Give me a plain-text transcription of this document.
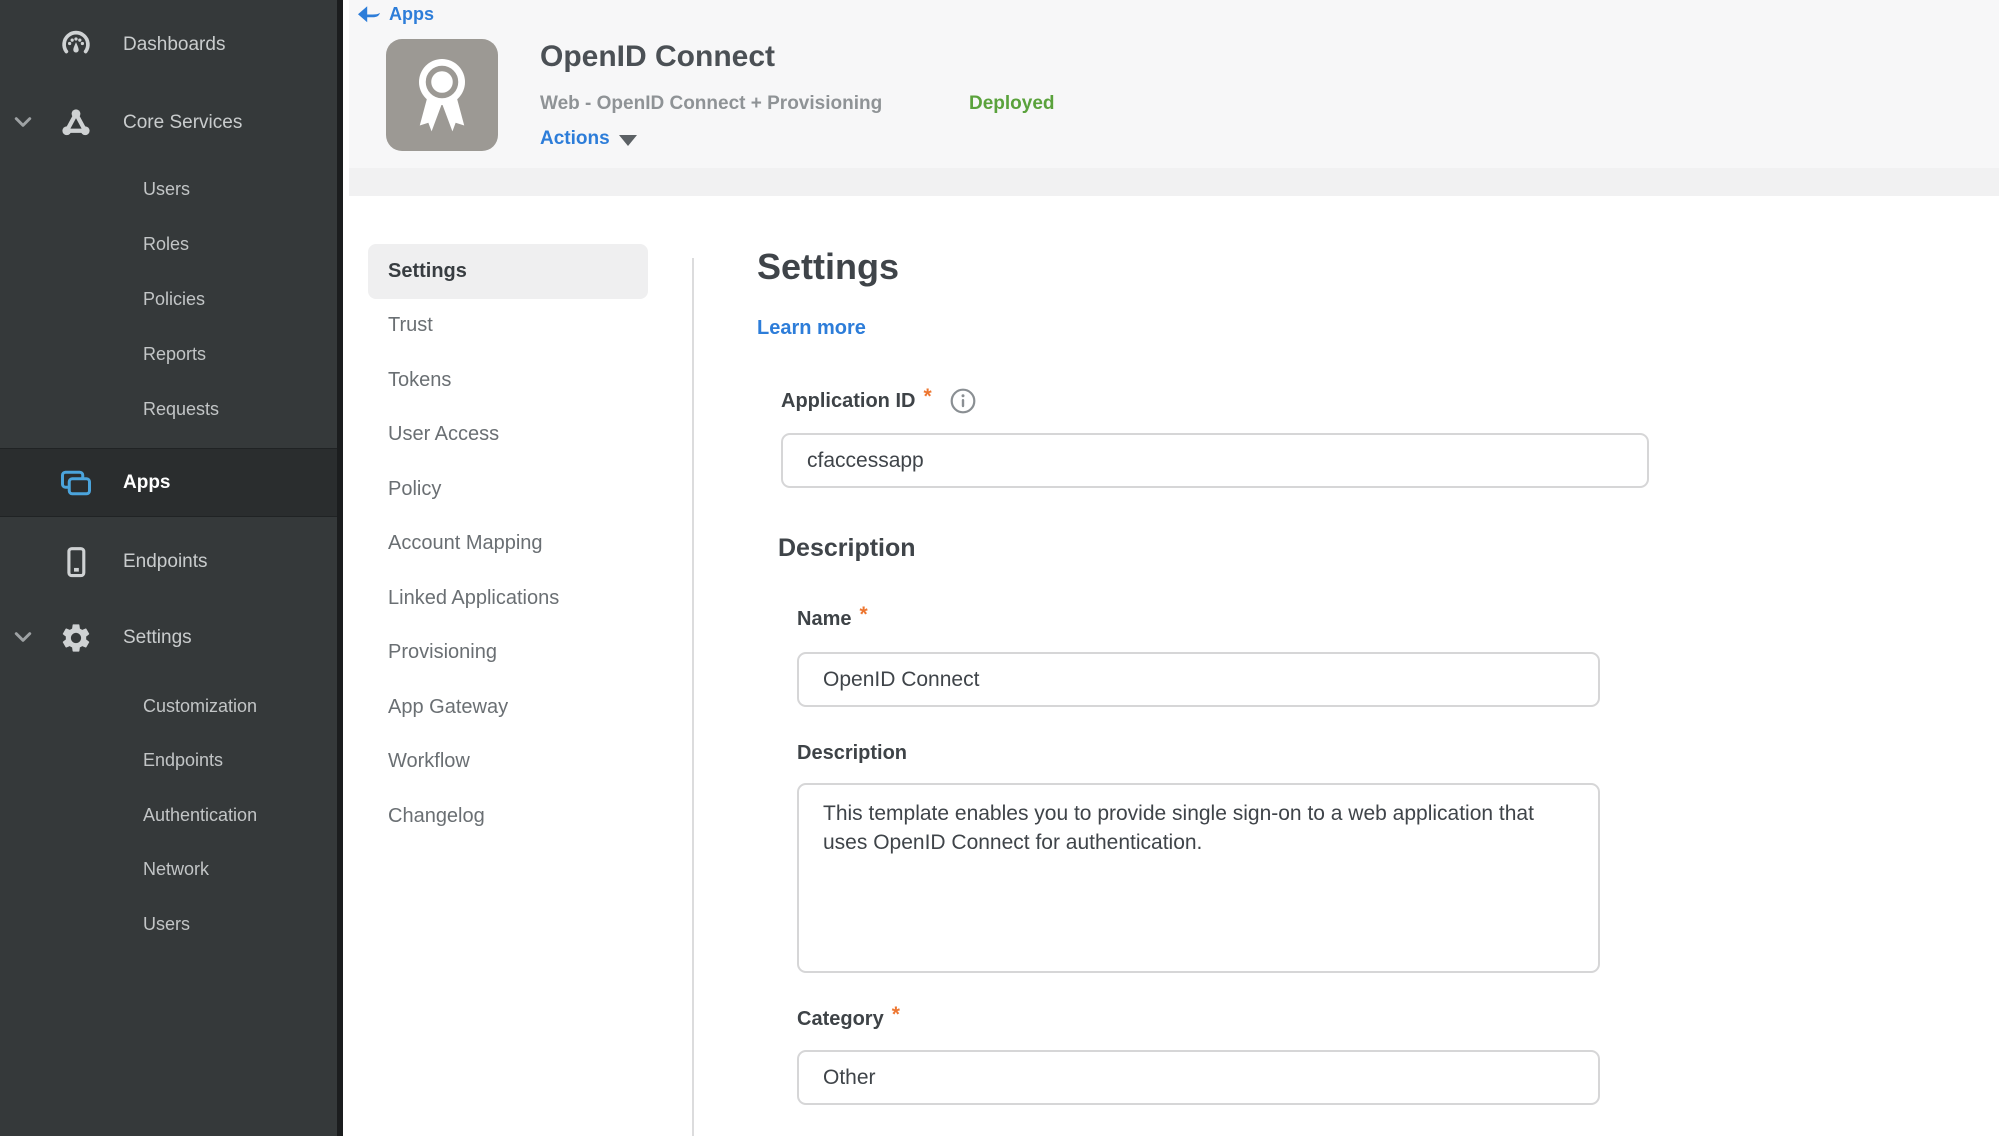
Dashboards
Core Services
Users
Roles
Policies
Reports
Requests
Apps
Endpoints
Settings
Customization
Endpoints
Authentication
Network
Users
Apps
OpenID Connect
Web - OpenID Connect + Provisioning	Deployed
Actions
Settings
Trust
Tokens
User Access
Policy
Account Mapping
Linked Applications
Provisioning
App Gateway
Workflow
Changelog
Settings
Learn more
Application ID *
cfaccessapp
Description
Name *
OpenID Connect
Description
This template enables you to provide single sign-on to a web application that uses OpenID Connect for authentication.
Category *
Other
